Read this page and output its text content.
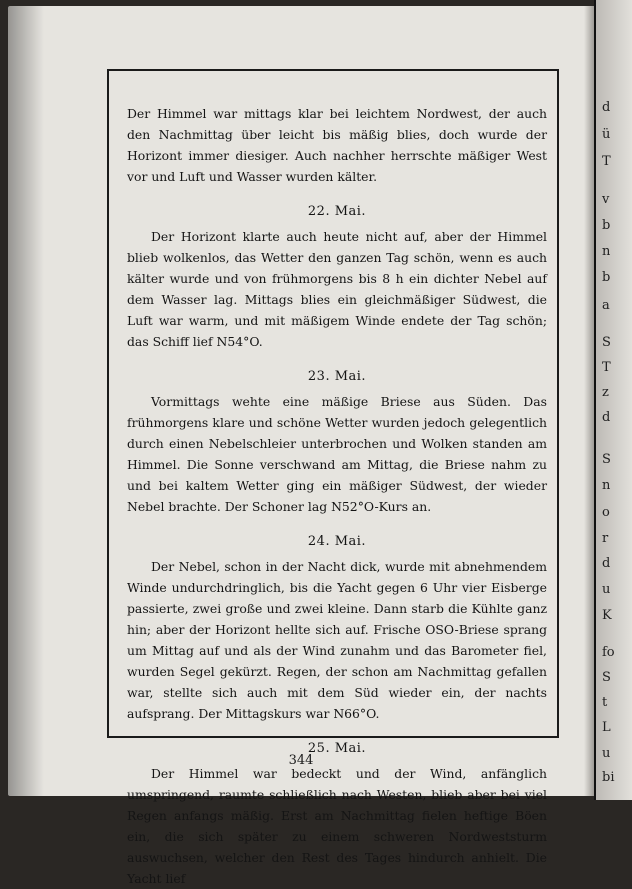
Der Himmel war mittags klar bei leichtem Nordwest, der auch den Nachmittag über leicht bis mäßig blies, doch wurde der Horizont immer diesiger. Auch nachher herrschte mäßiger West vor und Luft und Wasser wurden kälter.

22. Mai.

Der Horizont klarte auch heute nicht auf, aber der Himmel blieb wolkenlos, das Wetter den ganzen Tag schön, wenn es auch kälter wurde und von frühmorgens bis 8 h ein dichter Nebel auf dem Wasser lag. Mittags blies ein gleichmäßiger Südwest, die Luft war warm, und mit mäßigem Winde endete der Tag schön; das Schiff lief N54°O.

23. Mai.

Vormittags wehte eine mäßige Briese aus Süden. Das frühmorgens klare und schöne Wetter wurden jedoch gelegentlich durch einen Nebelschleier unterbrochen und Wolken standen am Himmel. Die Sonne verschwand am Mittag, die Briese nahm zu und bei kaltem Wetter ging ein mäßiger Südwest, der wieder Nebel brachte. Der Schoner lag N52°O-Kurs an.

24. Mai.

Der Nebel, schon in der Nacht dick, wurde mit abnehmendem Winde undurchdringlich, bis die Yacht gegen 6 Uhr vier Eisberge passierte, zwei große und zwei kleine. Dann starb die Kühlte ganz hin; aber der Horizont hellte sich auf. Frische OSO-Briese sprang um Mittag auf und als der Wind zunahm und das Barometer fiel, wurden Segel gekürzt. Regen, der schon am Nachmittag gefallen war, stellte sich auch mit dem Süd wieder ein, der nachts aufsprang. Der Mittagskurs war N66°O.

25. Mai.

Der Himmel war bedeckt und der Wind, anfänglich umspringend, raumte schließlich nach Westen, blieb aber bei viel Regen anfangs mäßig. Erst am Nachmittag fielen heftige Böen ein, die sich später zu einem schweren Nordweststurm auswuchsen, welcher den Rest des Tages hindurch anhielt. Die Yacht lief

344
d
ü
T
v
b
n
b
a
S
T
z
d
S
n
o
r
d
u
K
fo
S
t
L
u
bi
